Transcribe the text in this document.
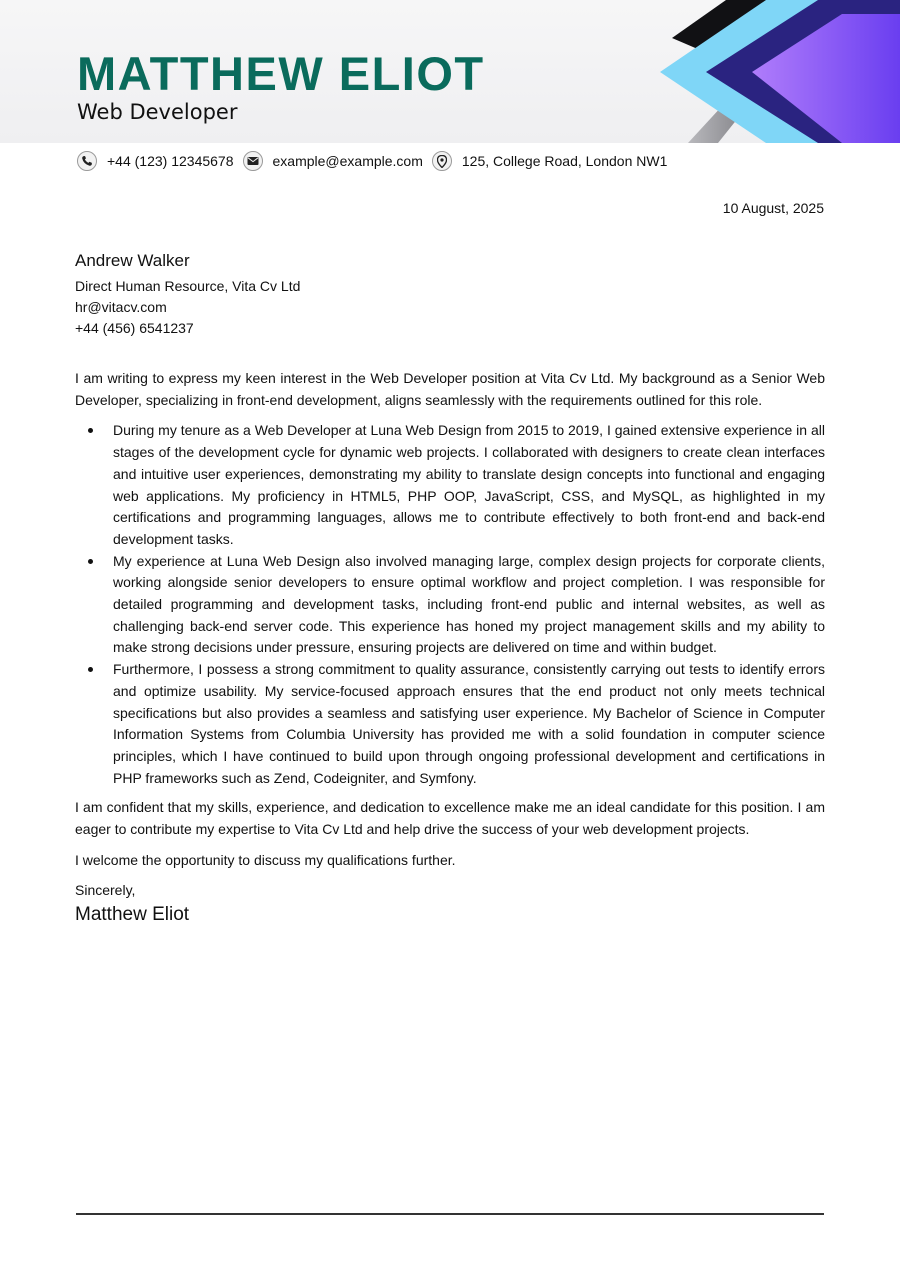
MATTHEW ELIOT
Web Developer
+44 (123) 12345678	example@example.com	125, College Road, London NW1
10 August, 2025
Andrew Walker
Direct Human Resource, Vita Cv Ltd
hr@vitacv.com
+44 (456) 6541237

I am writing to express my keen interest in the Web Developer position at Vita Cv Ltd. My background as a Senior Web Developer, specializing in front-end development, aligns seamlessly with the requirements outlined for this role.

During my tenure as a Web Developer at Luna Web Design from 2015 to 2019, I gained extensive experience in all stages of the development cycle for dynamic web projects. I collaborated with designers to create clean interfaces and intuitive user experiences, demonstrating my ability to translate design concepts into functional and engaging web applications. My proficiency in HTML5, PHP OOP, JavaScript, CSS, and MySQL, as highlighted in my certifications and programming languages, allows me to contribute effectively to both front-end and back-end development tasks.
My experience at Luna Web Design also involved managing large, complex design projects for corporate clients, working alongside senior developers to ensure optimal workflow and project completion. I was responsible for detailed programming and development tasks, including front-end public and internal websites, as well as challenging back-end server code. This experience has honed my project management skills and my ability to make strong decisions under pressure, ensuring projects are delivered on time and within budget.
Furthermore, I possess a strong commitment to quality assurance, consistently carrying out tests to identify errors and optimize usability. My service-focused approach ensures that the end product not only meets technical specifications but also provides a seamless and satisfying user experience. My Bachelor of Science in Computer Information Systems from Columbia University has provided me with a solid foundation in computer science principles, which I have continued to build upon through ongoing professional development and certifications in PHP frameworks such as Zend, Codeigniter, and Symfony.

I am confident that my skills, experience, and dedication to excellence make me an ideal candidate for this position. I am eager to contribute my expertise to Vita Cv Ltd and help drive the success of your web development projects.

I welcome the opportunity to discuss my qualifications further.

Sincerely,
Matthew Eliot
